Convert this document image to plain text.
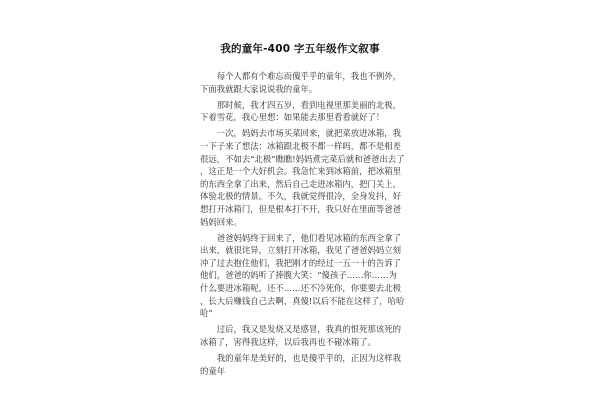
我的童年-400 字五年级作文叙事

每个人都有个难忘而傻乎乎的童年，我也不例外，下面我就跟大家说说我的童年。

那时候，我才四五岁，看到电视里那美丽的北极，下着雪花，我心里想：如果能去那里看看就好了！

一次，妈妈去市场买菜回来，就把菜放进冰箱，我一下子来了想法：冰箱跟北极不都一样吗，都不是相差很远，不如去“北极”瞧瞧!妈妈煮完菜后就和爸爸出去了，这正是一个大好机会。我急忙来到冰箱前，把冰箱里的东西全拿了出来，然后自己走进冰箱内，把门关上，体验北极的情景。不久，我就觉得很冷，全身发抖，好想打开冰箱门，但是根本打不开，我只好在里面等爸爸妈妈回来。

爸爸妈妈终于回来了，他们看见冰箱的东西全拿了出来，就很诧异，立刻打开冰箱，我见了爸爸妈妈立刻冲了过去抱住他们，我把刚才的经过一五一十的告诉了他们，爸爸的妈听了捧腹大笑：“傻孩子……你……为什么要进冰箱呢，还不……还不冷死你，你要要去北极，长大后赚钱自己去啊，真傻!以后不能在这样了，哈哈哈”

过后，我又是发烧又是感冒，我真的恨死那该死的冰箱了，害得我这样，以后我再也不碰冰箱了。

我的童年是美好的，也是傻乎乎的，正因为这样我的童年
